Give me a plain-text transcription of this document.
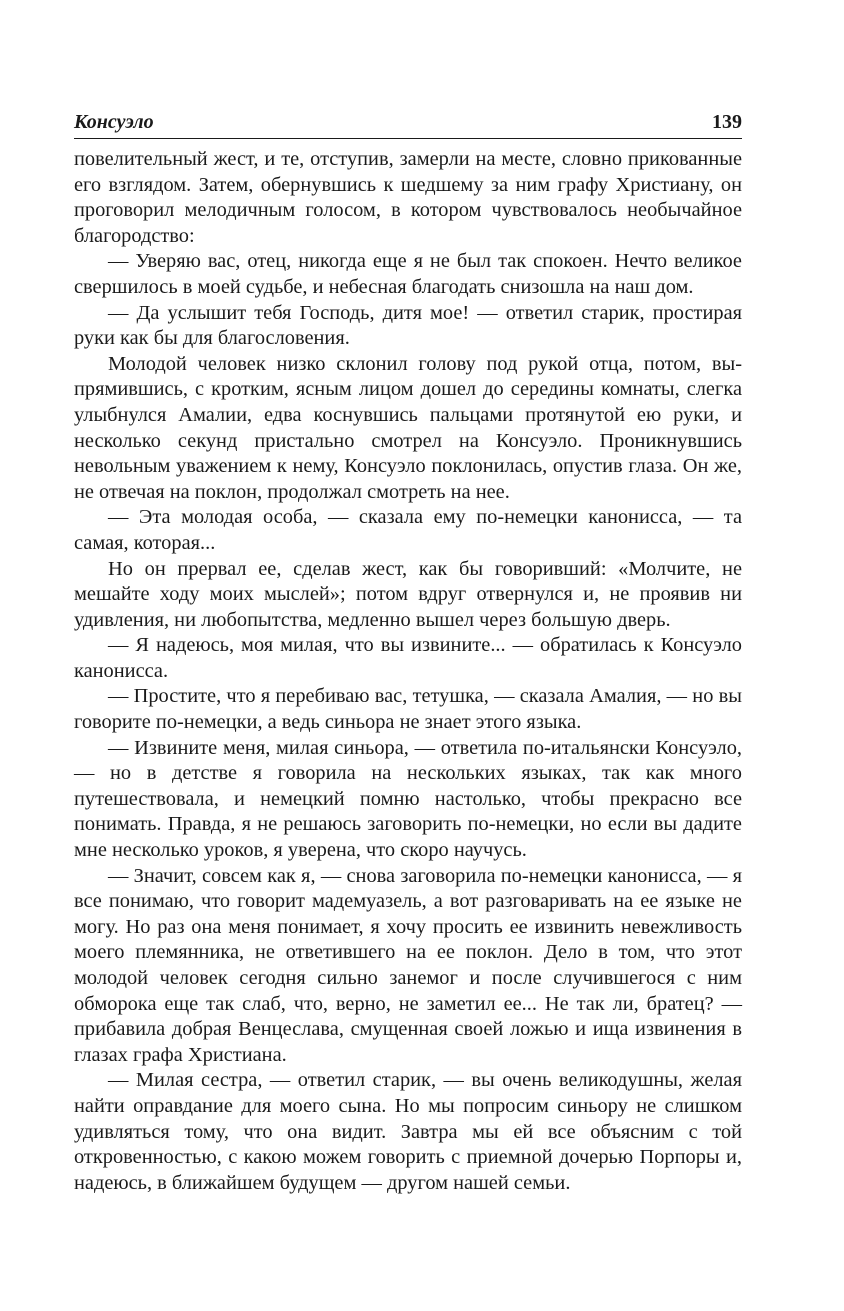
Консуэло	139

повелительный жест, и те, отступив, замерли на месте, словно прикованные его взглядом. Затем, обернувшись к шедшему за ним графу Христиану, он проговорил мелодичным голосом, в котором чувствовалось необычайное благородство:

— Уверяю вас, отец, никогда еще я не был так спокоен. Нечто великое свершилось в моей судьбе, и небесная благодать снизошла на наш дом.

— Да услышит тебя Господь, дитя мое! — ответил старик, простирая руки как бы для благословения.

Молодой человек низко склонил голову под рукой отца, потом, выпрямившись, с кротким, ясным лицом дошел до середины комнаты, слегка улыбнулся Амалии, едва коснувшись пальцами протянутой ею руки, и несколько секунд пристально смотрел на Консуэло. Проникнувшись невольным уважением к нему, Консуэло поклонилась, опустив глаза. Он же, не отвечая на поклон, продолжал смотреть на нее.

— Эта молодая особа, — сказала ему по-немецки канонисса, — та самая, которая...

Но он прервал ее, сделав жест, как бы говоривший: «Молчите, не мешайте ходу моих мыслей»; потом вдруг отвернулся и, не проявив ни удивления, ни любопытства, медленно вышел через большую дверь.

— Я надеюсь, моя милая, что вы извините... — обратилась к Консуэло канонисса.

— Простите, что я перебиваю вас, тетушка, — сказала Амалия, — но вы говорите по-немецки, а ведь синьора не знает этого языка.

— Извините меня, милая синьора, — ответила по-итальянски Консуэло, — но в детстве я говорила на нескольких языках, так как много путешествовала, и немецкий помню настолько, чтобы прекрасно все понимать. Правда, я не решаюсь заговорить по-немецки, но если вы дадите мне несколько уроков, я уверена, что скоро научусь.

— Значит, совсем как я, — снова заговорила по-немецки канонисса, — я все понимаю, что говорит мадемуазель, а вот разговаривать на ее языке не могу. Но раз она меня понимает, я хочу просить ее извинить невежливость моего племянника, не ответившего на ее поклон. Дело в том, что этот молодой человек сегодня сильно занемог и после случившегося с ним обморока еще так слаб, что, верно, не заметил ее... Не так ли, братец? — прибавила добрая Венцеслава, смущенная своей ложью и ища извинения в глазах графа Христиана.

— Милая сестра, — ответил старик, — вы очень великодушны, желая найти оправдание для моего сына. Но мы попросим синьору не слишком удивляться тому, что она видит. Завтра мы ей все объясним с той откровенностью, с какою можем говорить с приемной дочерью Порпоры и, надеюсь, в ближайшем будущем — другом нашей семьи.
